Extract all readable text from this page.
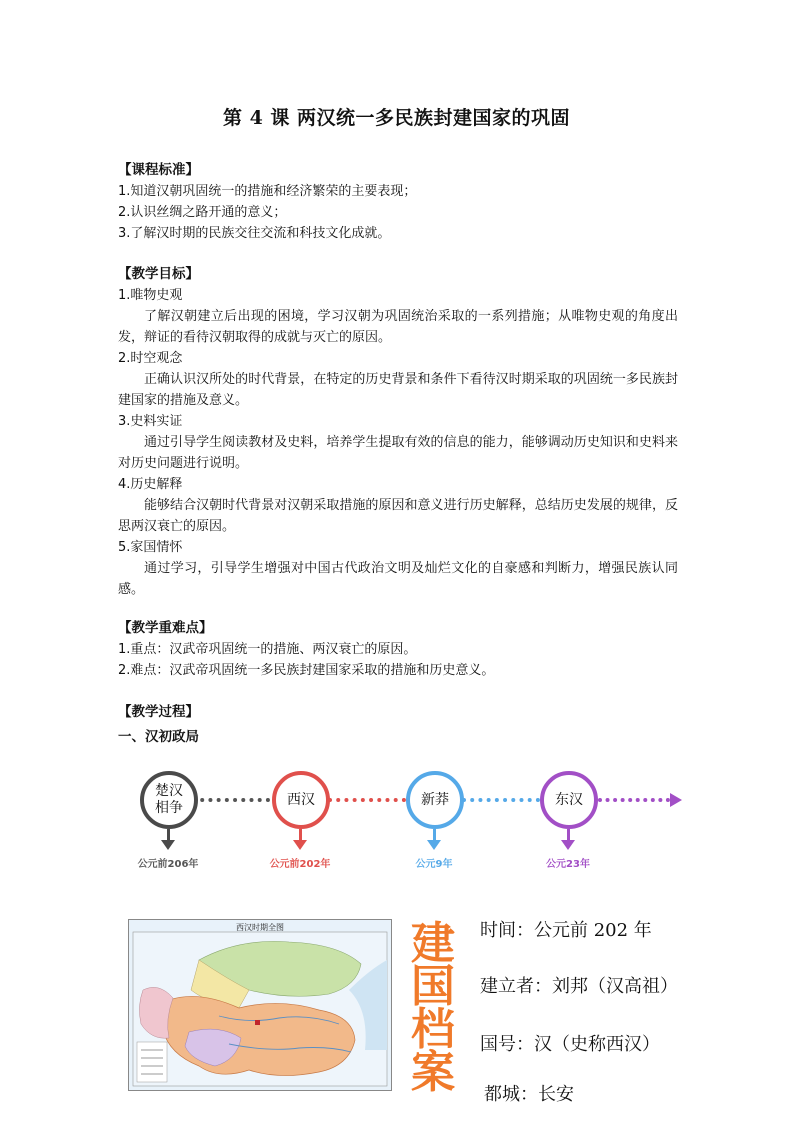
第 4 课 两汉统一多民族封建国家的巩固
【课程标准】
1.知道汉朝巩固统一的措施和经济繁荣的主要表现；
2.认识丝绸之路开通的意义；
3.了解汉时期的民族交往交流和科技文化成就。
【教学目标】
1.唯物史观
了解汉朝建立后出现的困境，学习汉朝为巩固统治采取的一系列措施；从唯物史观的角度出发，辩证的看待汉朝取得的成就与灭亡的原因。
2.时空观念
正确认识汉所处的时代背景，在特定的历史背景和条件下看待汉时期采取的巩固统一多民族封建国家的措施及意义。
3.史料实证
通过引导学生阅读教材及史料，培养学生提取有效的信息的能力，能够调动历史知识和史料来对历史问题进行说明。
4.历史解释
能够结合汉朝时代背景对汉朝采取措施的原因和意义进行历史解释，总结历史发展的规律，反思两汉衰亡的原因。
5.家国情怀
通过学习，引导学生增强对中国古代政治文明及灿烂文化的自豪感和判断力，增强民族认同感。
【教学重难点】
1.重点：汉武帝巩固统一的措施、两汉衰亡的原因。
2.难点：汉武帝巩固统一多民族封建国家采取的措施和历史意义。
【教学过程】
一、汉初政局
楚汉
相争
公元前206年
西汉
公元前202年
新莽
公元9年
东汉
公元23年
西汉时期全图	建
国
档
案
时间：公元前 202 年
建立者：刘邦（汉高祖）
国号：汉（史称西汉）
都城：长安
